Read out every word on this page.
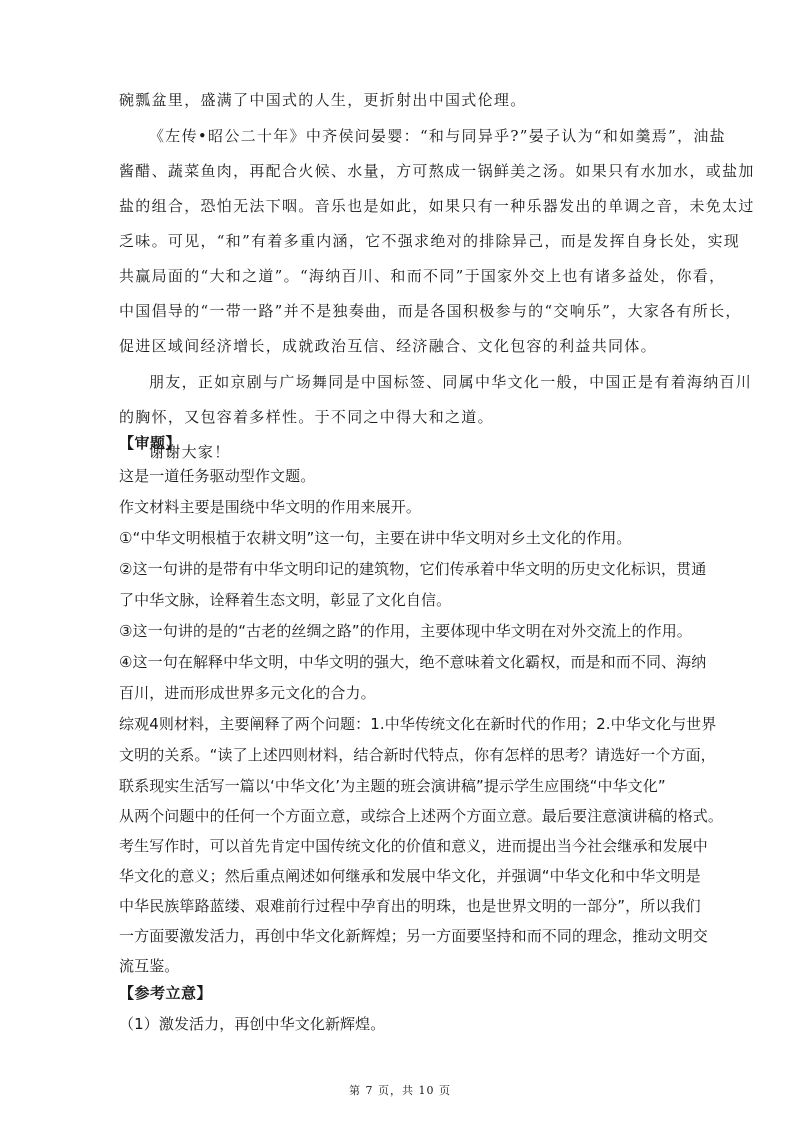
碗瓢盆里，盛满了中国式的人生，更折射出中国式伦理。
《左传•昭公二十年》中齐侯问晏婴：“和与同异乎?”晏子认为“和如羹焉”，油盐
酱醋、蔬菜鱼肉，再配合火候、水量，方可熬成一锅鲜美之汤。如果只有水加水，或盐加
盐的组合，恐怕无法下咽。音乐也是如此，如果只有一种乐器发出的单调之音，未免太过
乏味。可见，“和”有着多重内涵，它不强求绝对的排除异己，而是发挥自身长处，实现
共赢局面的“大和之道”。“海纳百川、和而不同”于国家外交上也有诸多益处，你看，
中国倡导的“一带一路”并不是独奏曲，而是各国积极参与的“交响乐”，大家各有所长，
促进区域间经济增长，成就政治互信、经济融合、文化包容的利益共同体。
朋友，正如京剧与广场舞同是中国标签、同属中华文化一般，中国正是有着海纳百川
的胸怀，又包容着多样性。于不同之中得大和之道。
谢谢大家！
【审题】
这是一道任务驱动型作文题。
作文材料主要是围绕中华文明的作用来展开。
①“中华文明根植于农耕文明”这一句，主要在讲中华文明对乡土文化的作用。
②这一句讲的是带有中华文明印记的建筑物，它们传承着中华文明的历史文化标识，贯通
了中华文脉，诠释着生态文明，彰显了文化自信。
③这一句讲的是的“古老的丝绸之路”的作用，主要体现中华文明在对外交流上的作用。
④这一句在解释中华文明，中华文明的强大，绝不意味着文化霸权，而是和而不同、海纳
百川，进而形成世界多元文化的合力。
综观4则材料，主要阐释了两个问题：1.中华传统文化在新时代的作用；2.中华文化与世界
文明的关系。“读了上述四则材料，结合新时代特点，你有怎样的思考？请选好一个方面，
联系现实生活写一篇以‘中华文化’为主题的班会演讲稿”提示学生应围绕“中华文化”
从两个问题中的任何一个方面立意，或综合上述两个方面立意。最后要注意演讲稿的格式。
考生写作时，可以首先肯定中国传统文化的价值和意义，进而提出当今社会继承和发展中
华文化的意义；然后重点阐述如何继承和发展中华文化，并强调“中华文化和中华文明是
中华民族筚路蓝缕、艰难前行过程中孕育出的明珠，也是世界文明的一部分”，所以我们
一方面要激发活力，再创中华文化新辉煌；另一方面要坚持和而不同的理念，推动文明交
流互鉴。
第 7 页，共 10 页
【参考立意】
（1）激发活力，再创中华文化新辉煌。
